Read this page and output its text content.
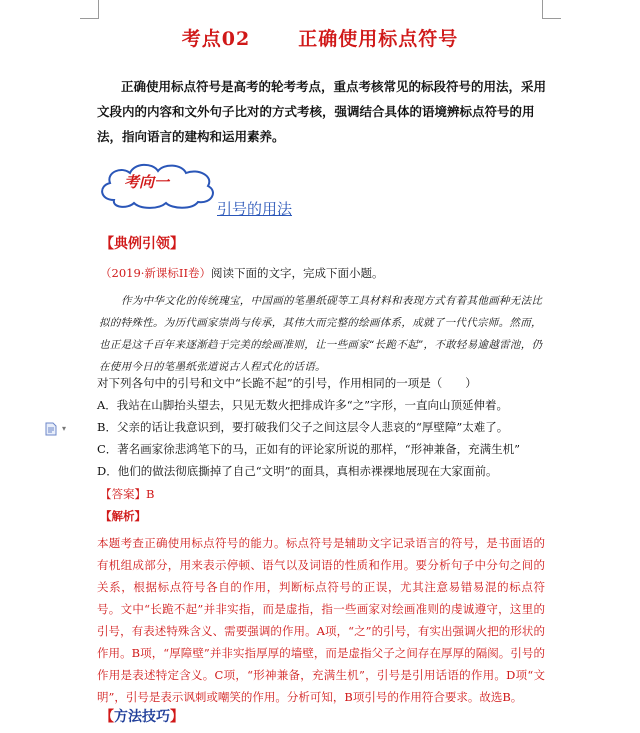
考点02	正确使用标点符号
正确使用标点符号是高考的轮考考点，重点考核常见的标段符号的用法，采用文段内的内容和文外句子比对的方式考核，强调结合具体的语境辨标点符号的用法，指向语言的建构和运用素养。
考向一
引号的用法
【典例引领】
（2019·新课标II卷）阅读下面的文字，完成下面小题。
作为中华文化的传统瑰宝，中国画的笔墨纸砚等工具材料和表现方式有着其他画种无法比拟的特殊性。为历代画家崇尚与传承，其伟大而完整的绘画体系，成就了一代代宗师。然而，也正是这千百年来逐渐趋于完美的绘画准则，让一些画家“长跪不起”，不敢轻易逾越雷池，仍在使用今日的笔墨纸张道说古人程式化的话语。
对下列各句中的引号和文中“长跪不起”的引号，作用相同的一项是（　　）
A．我站在山脚抬头望去，只见无数火把排成许多“之”字形，一直向山顶延伸着。
B．父亲的话让我意识到，要打破我们父子之间这层令人悲哀的“厚壁障”太难了。
C．著名画家徐悲鸿笔下的马，正如有的评论家所说的那样，“形神兼备，充满生机”
D．他们的做法彻底撕掉了自己“文明”的面具，真相赤裸裸地展现在大家面前。
▾
【答案】B
【解析】
本题考查正确使用标点符号的能力。标点符号是辅助文字记录语言的符号，是书面语的有机组成部分，用来表示停顿、语气以及词语的性质和作用。要分析句子中分句之间的关系，根据标点符号各自的作用，判断标点符号的正误，尤其注意易错易混的标点符号。文中“长跪不起”并非实指，而是虚指，指一些画家对绘画准则的虔诚遵守，这里的引号，有表述特殊含义、需要强调的作用。A项，“之”的引号，有实出强调火把的形状的作用。B项，“厚障壁”并非实指厚厚的墙壁，而是虚指父子之间存在厚厚的隔阂。引号的作用是表述特定含义。C项，“形神兼备，充满生机”，引号是引用话语的作用。D项“文明”，引号是表示讽刺或嘲笑的作用。分析可知，B项引号的作用符合要求。故选B。
【方法技巧】
